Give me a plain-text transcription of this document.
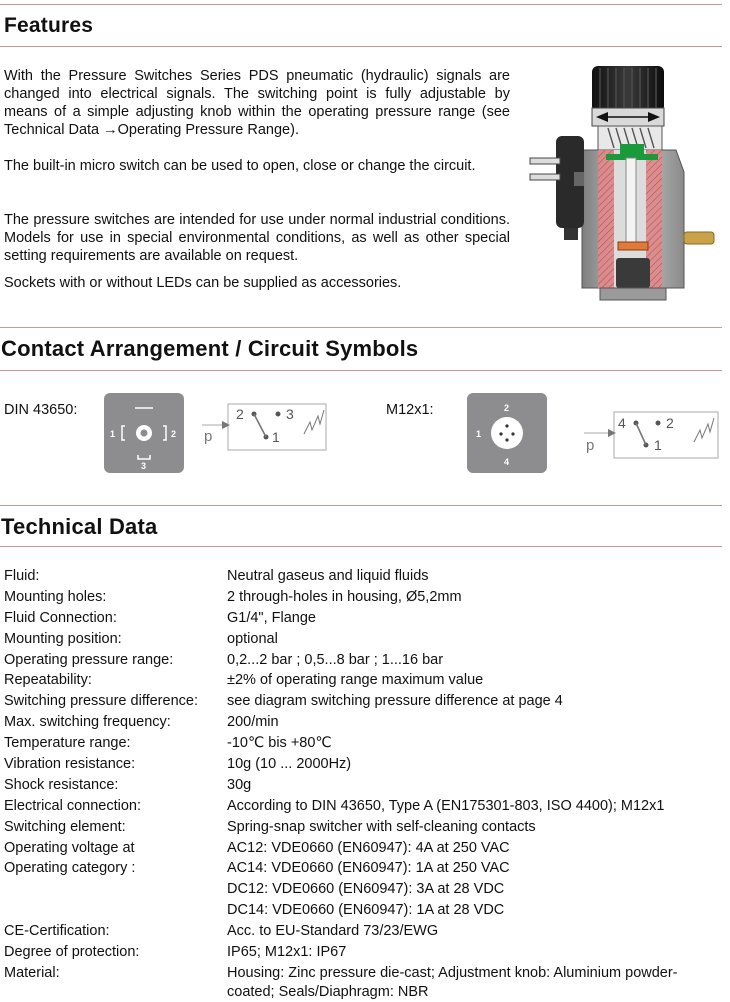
Features

With the Pressure Switches Series PDS pneumatic (hydraulic) signals are changed into electrical signals. The switching point is fully adjustable by means of a simple adjusting knob within the operating pressure range (see Technical Data →Operating Pressure Range).

The built-in micro switch can be used to open, close or change the circuit.

The pressure switches are intended for use under normal industrial conditions. Models for use in special environmental conditions, as well as other special setting requirements are available on request.

Sockets with or without LEDs can be supplied as accessories.

Contact Arrangement / Circuit Symbols
DIN 43650:
1	2
3
p
2	3
1
M12x1:	2
1
4
p
4	2
1
Technical Data
Fluid:	Neutral gaseus and liquid fluids
Mounting holes:	2 through-holes in housing, Ø5,2mm
Fluid Connection:	G1/4", Flange
Mounting position:	optional
Operating pressure range:	0,2...2 bar ; 0,5...8 bar ; 1...16 bar
Repeatability:	±2% of operating range maximum value
Switching pressure difference:	see diagram switching pressure difference at page 4
Max. switching frequency:	200/min
Temperature range:	-10℃ bis +80℃
Vibration resistance:	10g (10 ... 2000Hz)
Shock resistance:	30g
Electrical connection:	According to DIN 43650, Type A (EN175301-803, ISO 4400); M12x1
Switching element:	Spring-snap switcher with self-cleaning contacts
Operating voltage at	AC12: VDE0660 (EN60947): 4A at 250 VAC
Operating category :	AC14: VDE0660 (EN60947): 1A at 250 VAC
DC12: VDE0660 (EN60947): 3A at 28 VDC
DC14: VDE0660 (EN60947): 1A at 28 VDC
CE-Certification:	Acc. to EU-Standard 73/23/EWG
Degree of protection:	IP65; M12x1: IP67
Material:	Housing: Zinc pressure die-cast; Adjustment knob: Aluminium powder-coated; Seals/Diaphragm: NBR
